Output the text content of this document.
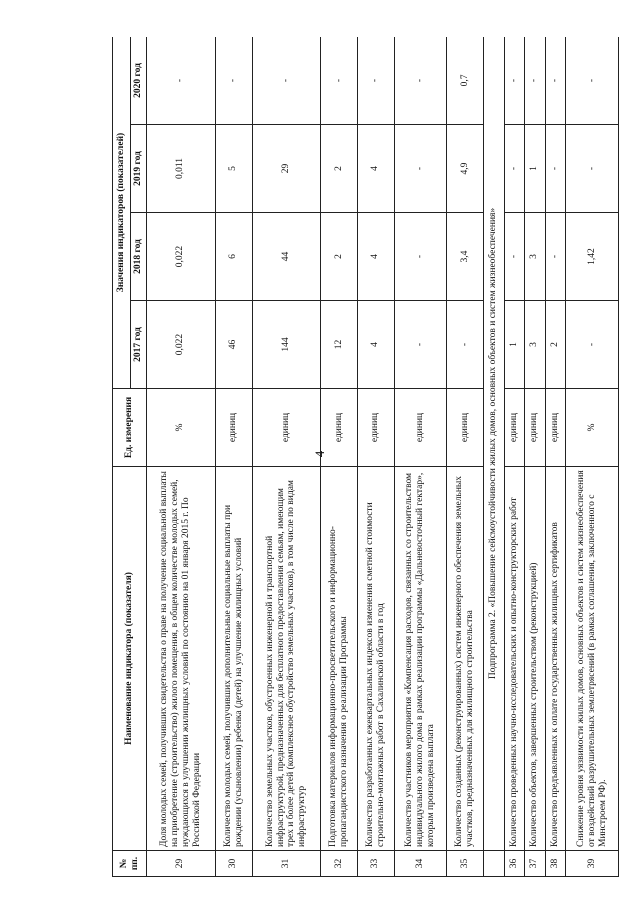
4
№ пп.	Наименование индикатора (показателя)	Ед. измерения	Значения индикаторов (показателей)			
			2017 год	2018 год	2019 год	2020 год
29	Доля молодых семей, получивших свидетельства о праве на получение социальной выплаты на приобретение (строительство) жилого помещения, в общем количестве молодых семей, нуждающихся в улучшении жилищных условий по состоянию на 01 января 2015 г. По Российской Федерации	%	0,022	0,022	0,011	-
30	Количество молодых семей, получивших дополнительные социальные выплаты при рождении (усыновлении) ребенка (детей) на улучшение жилищных условий	единиц	46	6	5	-
31	Количество земельных участков, обустроенных инженерной и транспортной инфраструктурой, предназначенных для бесплатного предоставления семьям, имеющим трех и более детей (комплексное обустройство земельных участков), в том числе по видам инфраструктур	единиц	144	44	29	-
32	Подготовка материалов информационно-просветительского и информационно-пропагандистского назначения о реализации Программы	единиц	12	2	2	-
33	Количество разработанных ежеквартальных индексов изменения сметной стоимости строительно-монтажных работ в Сахалинской области в год	единиц	4	4	4	-
34	Количество участников мероприятия «Компенсация расходов, связанных со строительством индивидуального жилого дома в рамках реализации программы «Дальневосточный гектар», которым произведена выплата	единиц	-	-	-	-
35	Количество созданных (реконструированных) систем инженерного обеспечения земельных участков, предназначенных для жилищного строительства	единиц	-	3,4	4,9	0,7
	Подпрограмма 2. «Повышение сейсмоустойчивости жилых домов, основных объектов и систем жизнеобеспечения»					
36	Количество проведенных научно-исследовательских и опытно-конструкторских работ	единиц	1	-	-	-
37	Количество объектов, завершенных строительством (реконструкцией)	единиц	3	3	1	-
38	Количество предъявленных к оплате государственных жилищных сертификатов	единиц	2	-	-	-
39	Снижение уровня уязвимости жилых домов, основных объектов и систем жизнеобеспечения от воздействий разрушительных землетрясений (в рамках соглашения, заключенного с Минстроем РФ).	%	-	1,42	-	-
